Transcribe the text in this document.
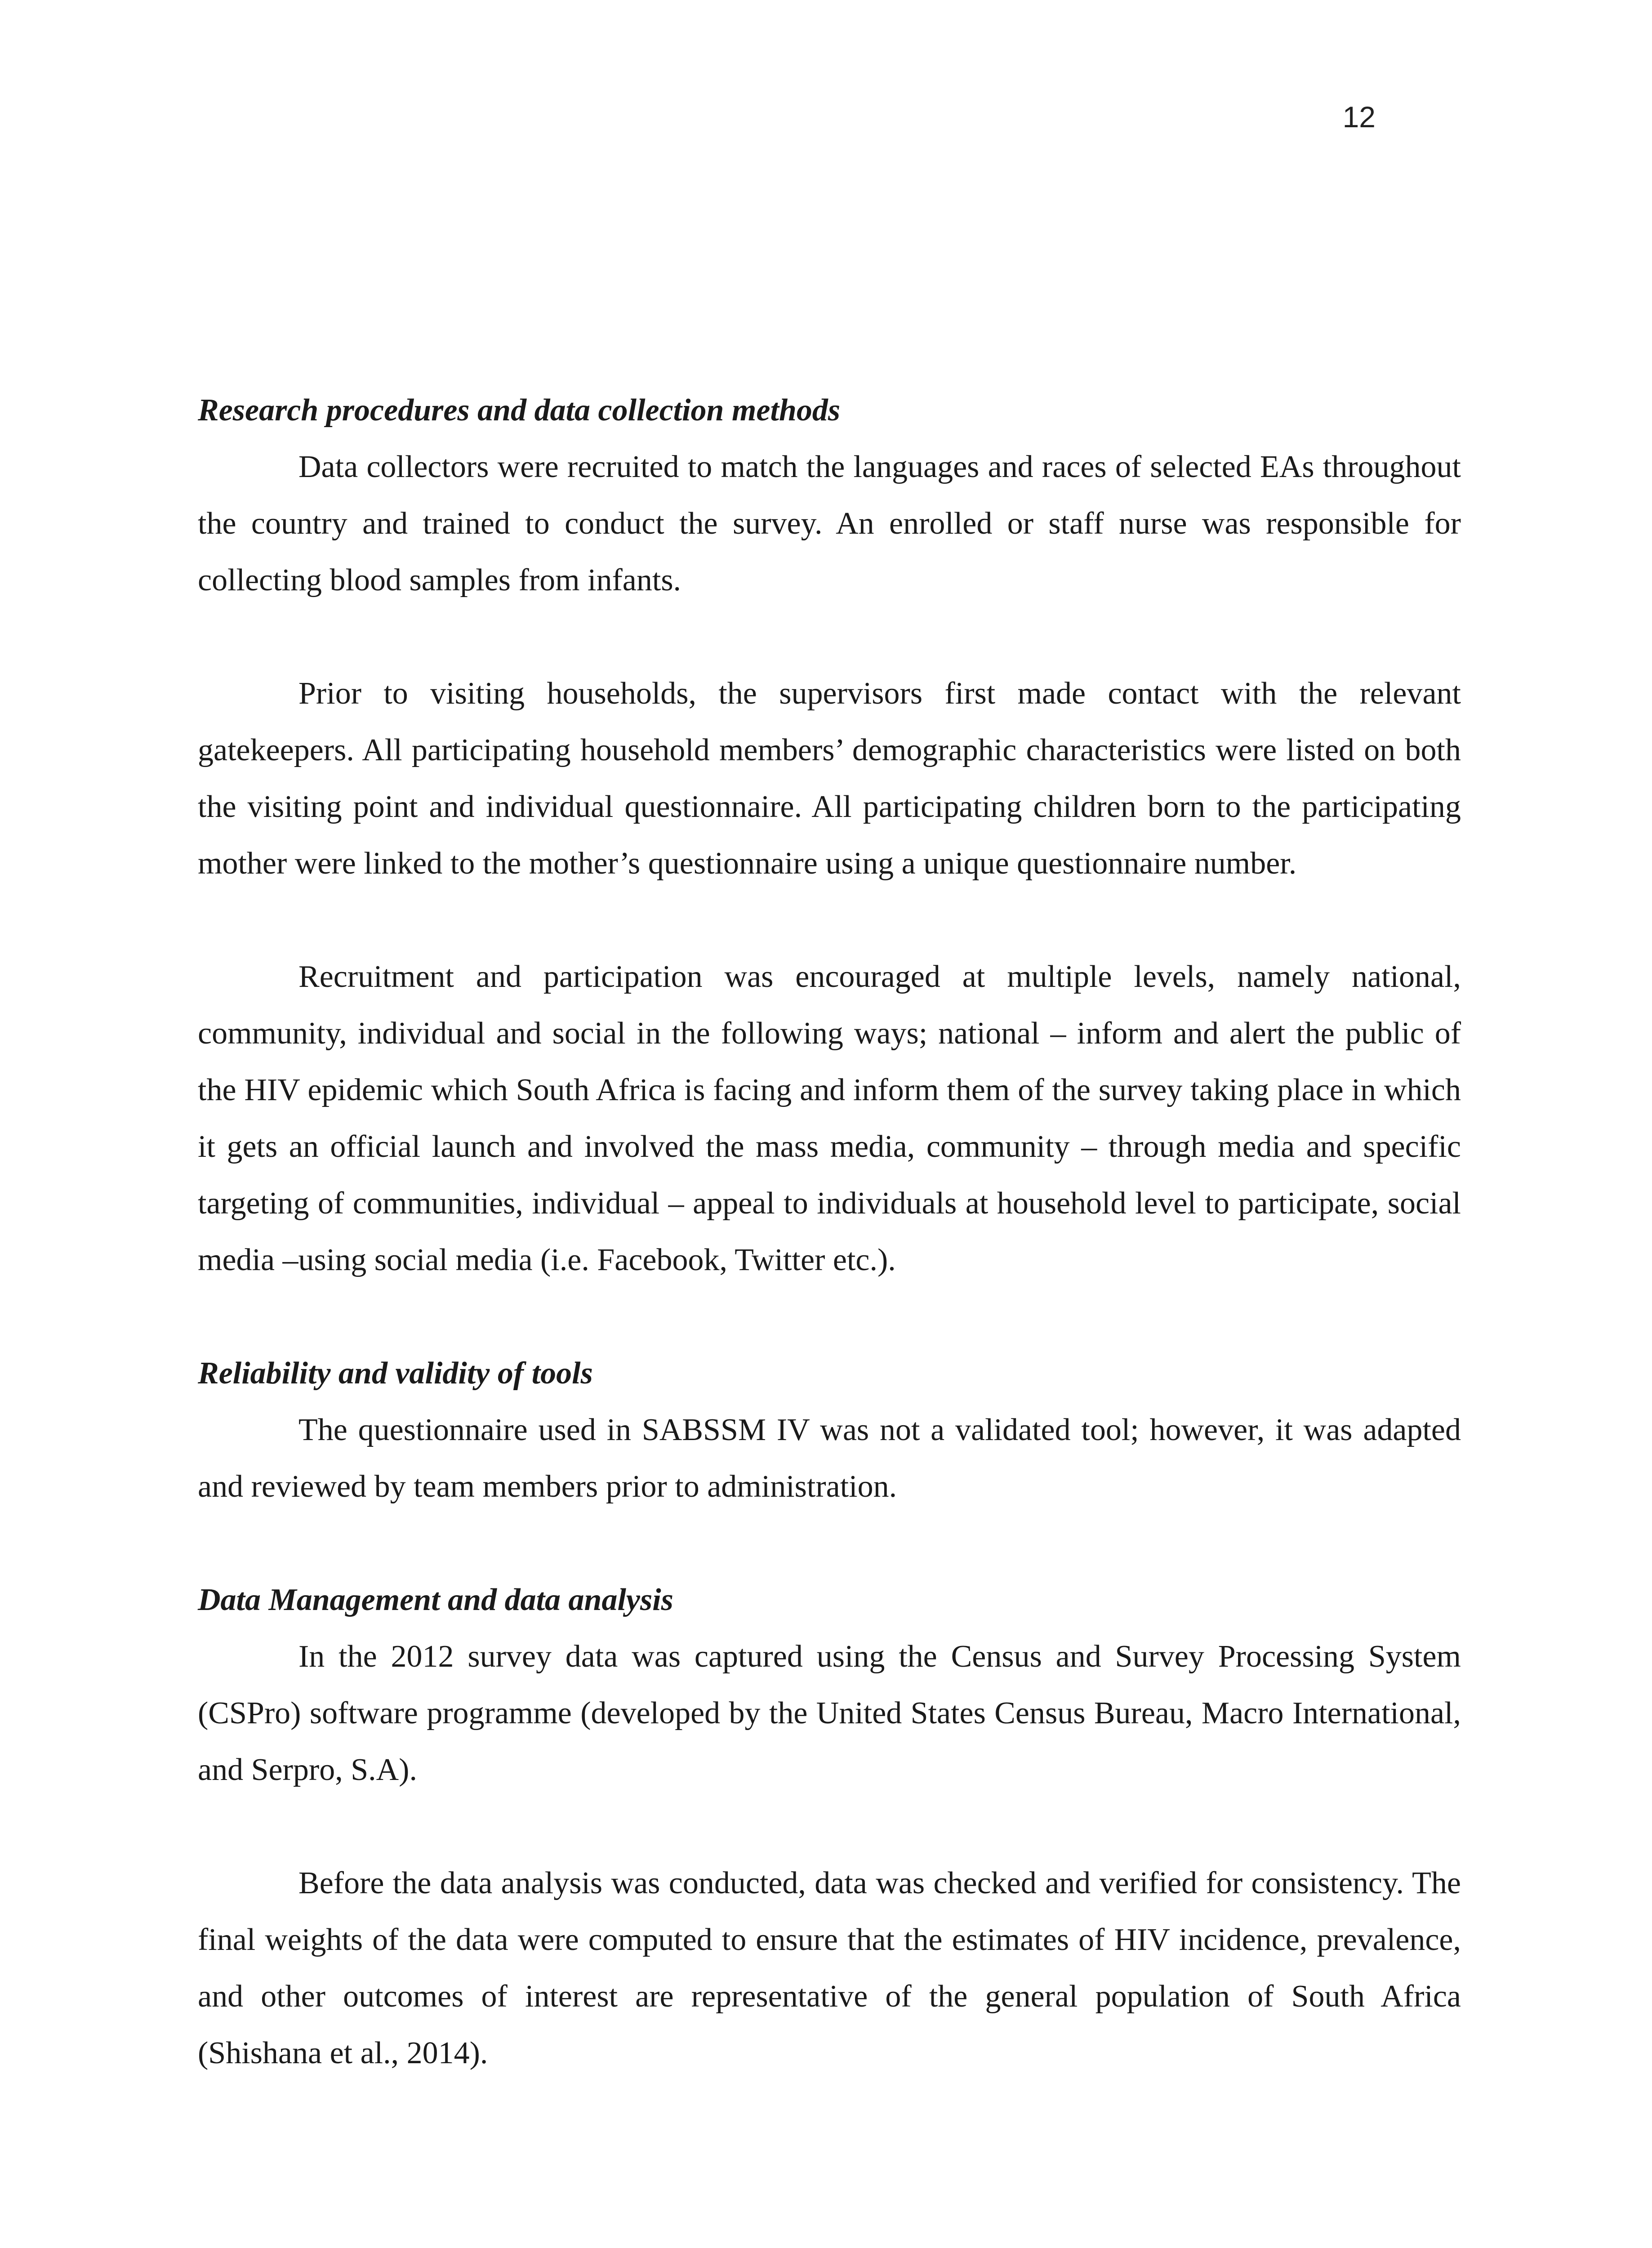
12
Research procedures and data collection methods

Data collectors were recruited to match the languages and races of selected EAs throughout the country and trained to conduct the survey. An enrolled or staff nurse was responsible for collecting blood samples from infants.

Prior to visiting households, the supervisors first made contact with the relevant gatekeepers. All participating household members’ demographic characteristics were listed on both the visiting point and individual questionnaire. All participating children born to the participating mother were linked to the mother’s questionnaire using a unique questionnaire number.

Recruitment and participation was encouraged at multiple levels, namely national, community, individual and social in the following ways; national – inform and alert the public of the HIV epidemic which South Africa is facing and inform them of the survey taking place in which it gets an official launch and involved the mass media, community – through media and specific targeting of communities, individual – appeal to individuals at household level to participate, social media –using social media (i.e. Facebook, Twitter etc.).

Reliability and validity of tools

The questionnaire used in SABSSM IV was not a validated tool; however, it was adapted and reviewed by team members prior to administration.

Data Management and data analysis

In the 2012 survey data was captured using the Census and Survey Processing System (CSPro) software programme (developed by the United States Census Bureau, Macro International, and Serpro, S.A).

Before the data analysis was conducted, data was checked and verified for consistency. The final weights of the data were computed to ensure that the estimates of HIV incidence, prevalence, and other outcomes of interest are representative of the general population of South Africa (Shishana et al., 2014).
